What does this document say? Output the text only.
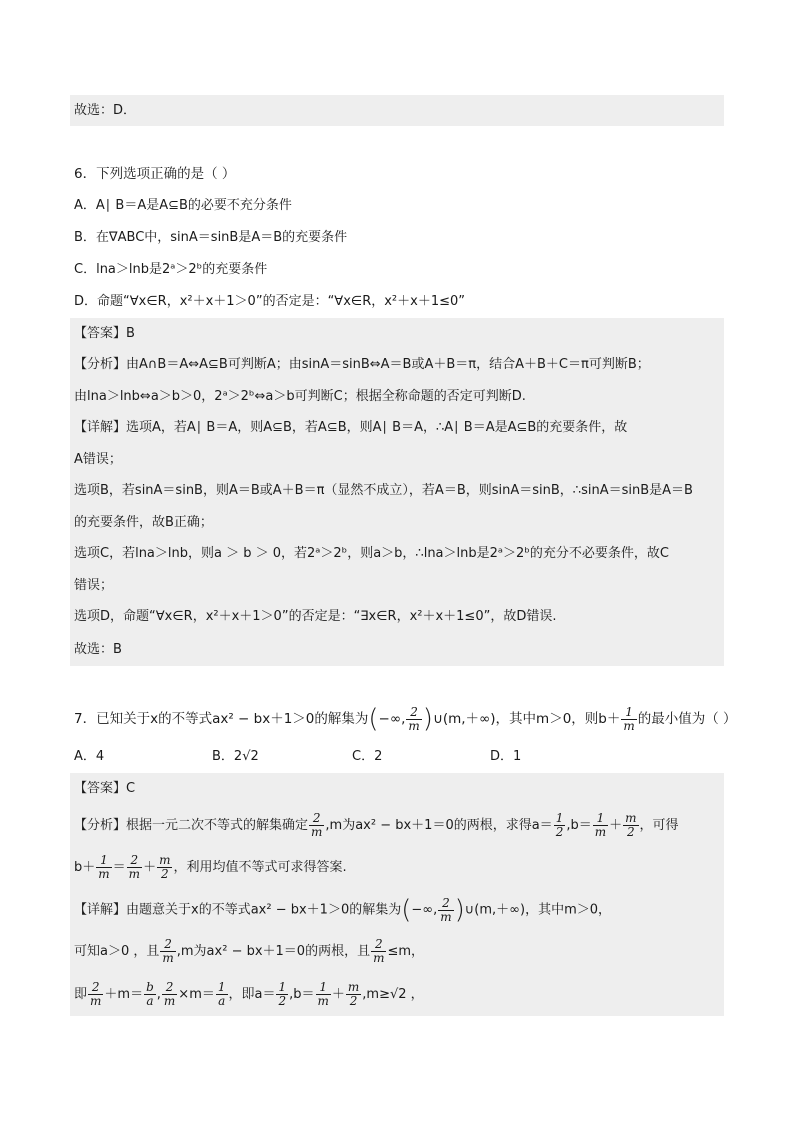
故选：D．
6．下列选项正确的是（ ）
A．A∣ B＝A是A⊆B的必要不充分条件
B．在∇ABC中，sinA＝sinB是A＝B的充要条件
C．lna＞lnb是2ᵃ＞2ᵇ的充要条件
D．命题“∀x∈R，x²＋x＋1＞0”的否定是：“∀x∈R，x²＋x＋1≤0”
【答案】B
【分析】由A∩B＝A⇔A⊆B可判断A；由sinA＝sinB⇔A＝B或A＋B＝π，结合A＋B＋C＝π可判断B；
由lna＞lnb⇔a＞b＞0，2ᵃ＞2ᵇ⇔a＞b可判断C；根据全称命题的否定可判断D.
【详解】选项A，若A∣ B＝A，则A⊆B，若A⊆B，则A∣ B＝A，∴A∣ B＝A是A⊆B的充要条件，故
A错误；
选项B，若sinA＝sinB，则A＝B或A＋B＝π（显然不成立），若A＝B，则sinA＝sinB，∴sinA＝sinB是A＝B
的充要条件，故B正确；
选项C，若lna＞lnb，则a ＞ b ＞ 0，若2ᵃ＞2ᵇ，则a＞b，∴lna＞lnb是2ᵃ＞2ᵇ的充分不必要条件，故C
错误；
选项D，命题“∀x∈R，x²＋x＋1＞0”的否定是：“∃x∈R，x²＋x＋1≤0”，故D错误.
故选：B
7．已知关于x的不等式ax² − bx＋1＞0的解集为(−∞, $\frac{2}{m}$ )∪(m,＋∞)，其中m＞0，则$b+ \frac{1}{m}$ 的最小值为（ ）
A．4	B．2√2	C．2	D．1
【答案】C
【分析】根据一元二次不等式的解集确定 $\frac{2}{m} ,m$为ax² − bx＋1＝0的两根，求得$a= \frac{1}{2} ,b= \frac{1}{m} + \frac{m}{2}$ ，可得
$b+ \frac{1}{m} = \frac{2}{m} + \frac{m}{2}$ ，利用均值不等式可求得答案.
【详解】由题意关于x的不等式ax² − bx＋1＞0的解集为(−∞, $\frac{2}{m}$ )∪(m,＋∞)，其中m＞0，
可知a＞0 ，且 $\frac{2}{m} ,m$为ax² − bx＋1＝0的两根，且 $\frac{2}{m} \le m$，
即 $\frac{2}{m} +m= \frac{b}{a}$ , $\frac{2}{m} \times m= \frac{1}{a}$ ，即$a= \frac{1}{2} ,b= \frac{1}{m} + \frac{m}{2} ,m\ge√2$ ，
